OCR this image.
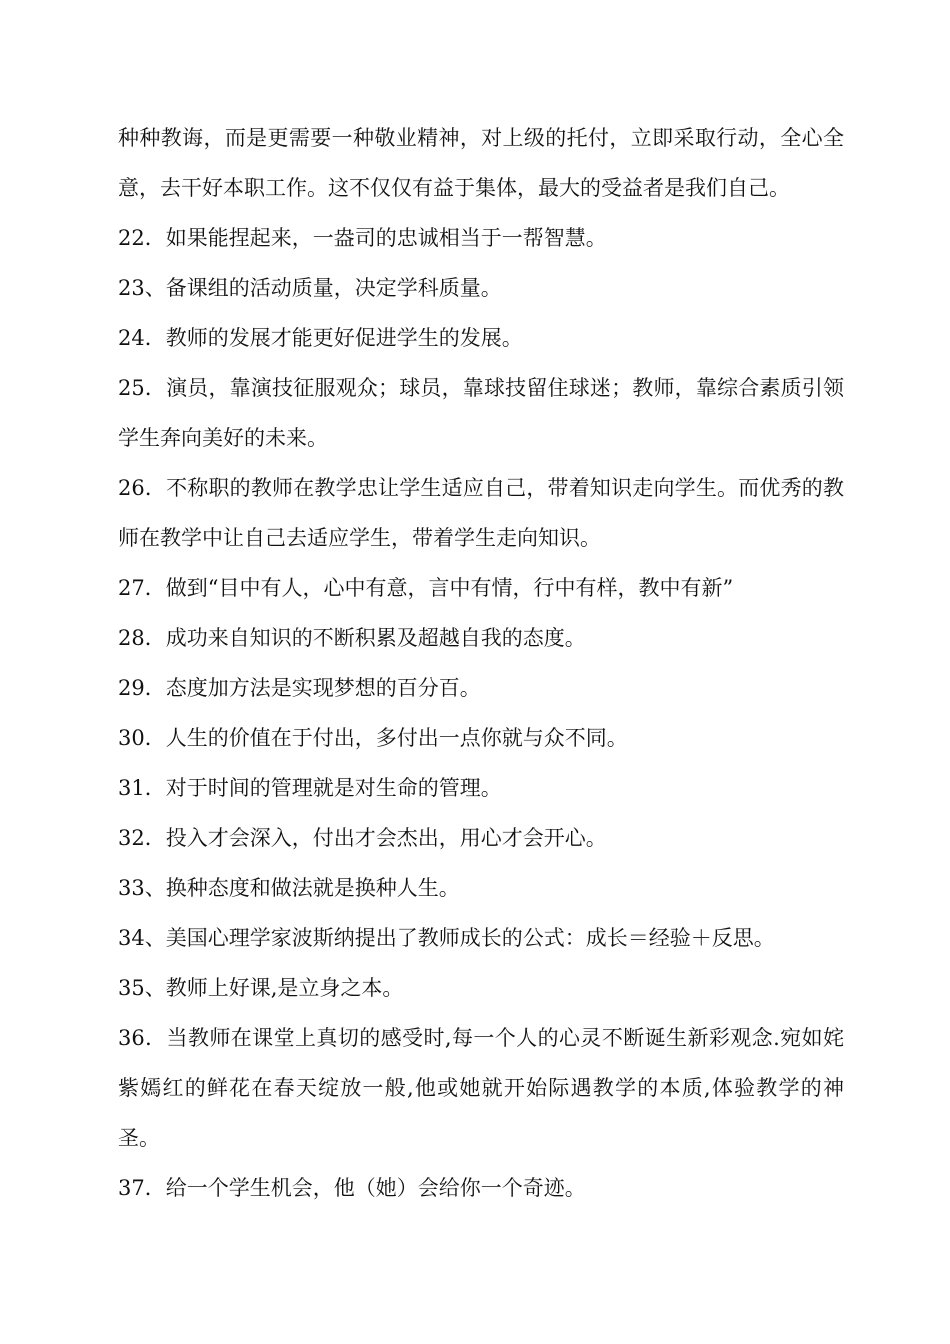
种种教诲，而是更需要一种敬业精神，对上级的托付，立即采取行动，全心全意，去干好本职工作。这不仅仅有益于集体，最大的受益者是我们自己。

22．如果能捏起来，一盎司的忠诚相当于一帮智慧。

23、备课组的活动质量，决定学科质量。

24．教师的发展才能更好促进学生的发展。

25．演员，靠演技征服观众；球员，靠球技留住球迷；教师，靠综合素质引领学生奔向美好的未来。

26．不称职的教师在教学忠让学生适应自己，带着知识走向学生。而优秀的教师在教学中让自己去适应学生，带着学生走向知识。

27．做到“目中有人，心中有意，言中有情，行中有样，教中有新”

28．成功来自知识的不断积累及超越自我的态度。

29．态度加方法是实现梦想的百分百。

30．人生的价值在于付出，多付出一点你就与众不同。

31．对于时间的管理就是对生命的管理。

32．投入才会深入，付出才会杰出，用心才会开心。

33、换种态度和做法就是换种人生。

34、美国心理学家波斯纳提出了教师成长的公式：成长＝经验＋反思。

35、教师上好课,是立身之本。

36．当教师在课堂上真切的感受时,每一个人的心灵不断诞生新彩观念.宛如姹紫嫣红的鲜花在春天绽放一般,他或她就开始际遇教学的本质,体验教学的神圣。

37．给一个学生机会，他（她）会给你一个奇迹。
